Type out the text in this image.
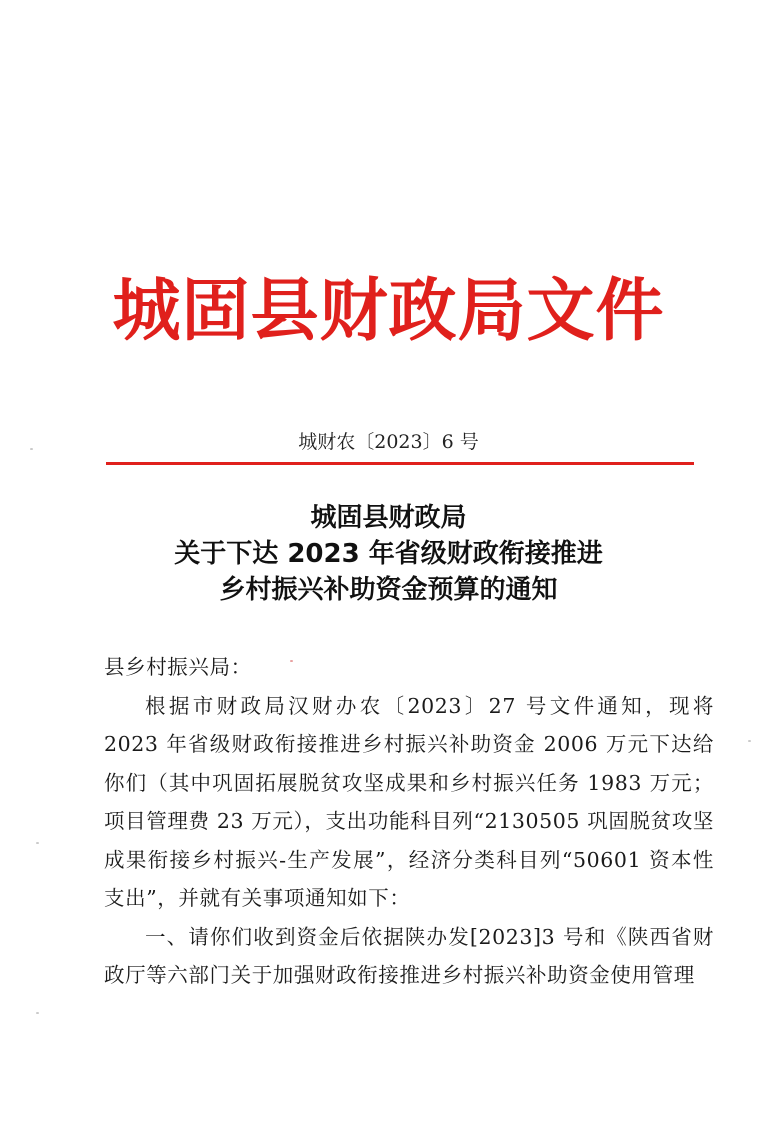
城固县财政局文件
城财农〔2023〕6 号
城固县财政局
关于下达 2023 年省级财政衔接推进
乡村振兴补助资金预算的通知

县乡村振兴局：

根据市财政局汉财办农〔2023〕27 号文件通知，现将 2023 年省级财政衔接推进乡村振兴补助资金 2006 万元下达给你们（其中巩固拓展脱贫攻坚成果和乡村振兴任务 1983 万元；项目管理费 23 万元），支出功能科目列“2130505 巩固脱贫攻坚成果衔接乡村振兴-生产发展”，经济分类科目列“50601 资本性支出”，并就有关事项通知如下：

一、请你们收到资金后依据陕办发[2023]3 号和《陕西省财政厅等六部门关于加强财政衔接推进乡村振兴补助资金使用管理
